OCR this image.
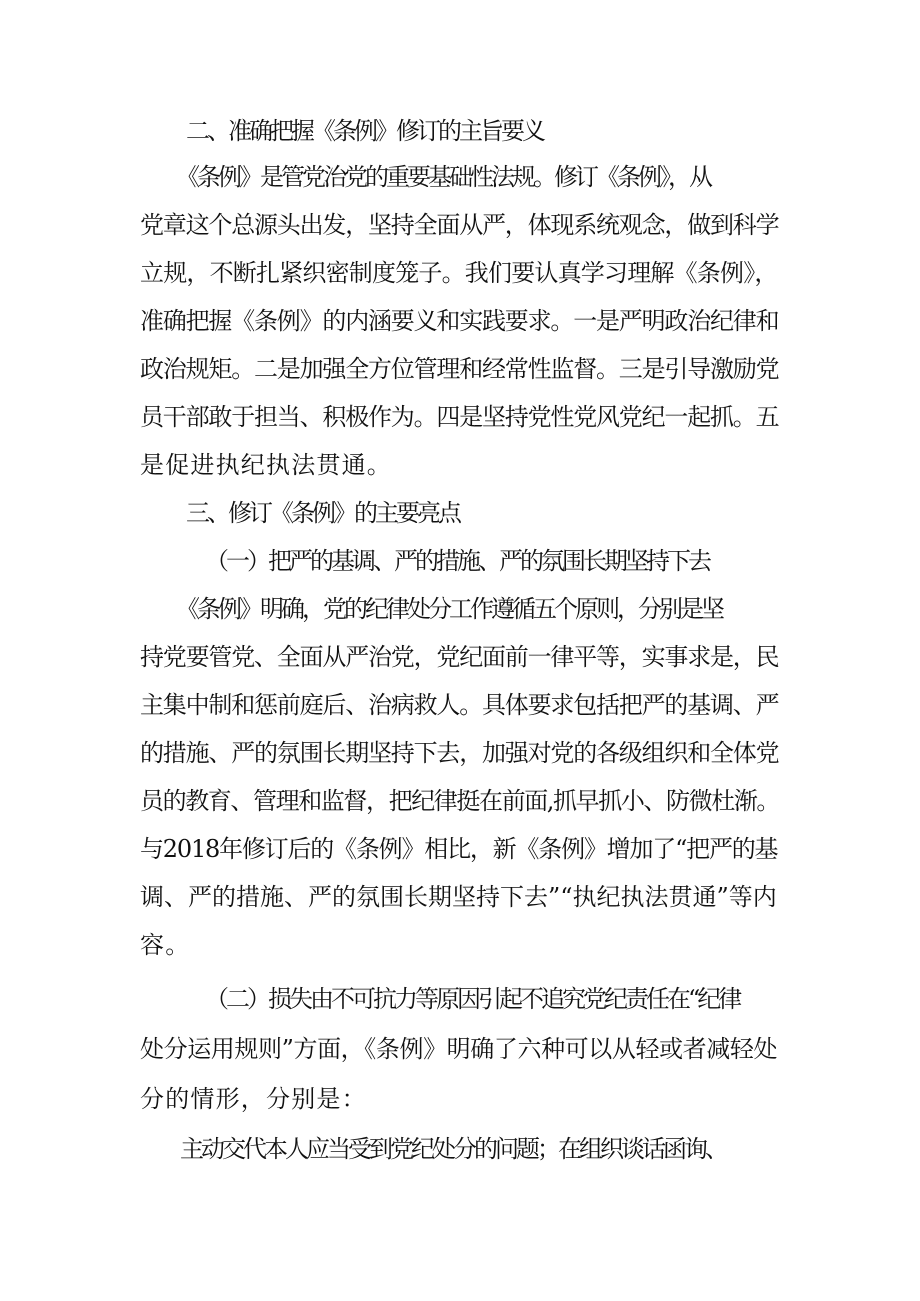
二、准确把握《条例》修订的主旨要义
《条例》是管党治党的重要基础性法规。修订《条例》，从
党章这个总源头出发，坚持全面从严，体现系统观念，做到科学
立规，不断扎紧织密制度笼子。我们要认真学习理解《条例》，
准确把握《条例》的内涵要义和实践要求。一是严明政治纪律和
政治规矩。二是加强全方位管理和经常性监督。三是引导激励党
员干部敢于担当、积极作为。四是坚持党性党风党纪一起抓。五
是促进执纪执法贯通。
三、修订《条例》的主要亮点
（一）把严的基调、严的措施、严的氛围长期坚持下去
《条例》明确，党的纪律处分工作遵循五个原则，分别是坚
持党要管党、全面从严治党，党纪面前一律平等，实事求是，民
主集中制和惩前庭后、治病救人。具体要求包括把严的基调、严
的措施、严的氛围长期坚持下去，加强对党的各级组织和全体党
员的教育、管理和监督，把纪律挺在前面,抓早抓小、防微杜渐。
与2018年修订后的《条例》相比，新《条例》增加了“把严的基
调、严的措施、严的氛围长期坚持下去”“执纪执法贯通”等内
容。
（二）损失由不可抗力等原因引起不追究党纪责任在“纪律
处分运用规则”方面，《条例》明确了六种可以从轻或者减轻处
分的情形，分别是：
主动交代本人应当受到党纪处分的问题；在组织谈话函询、
